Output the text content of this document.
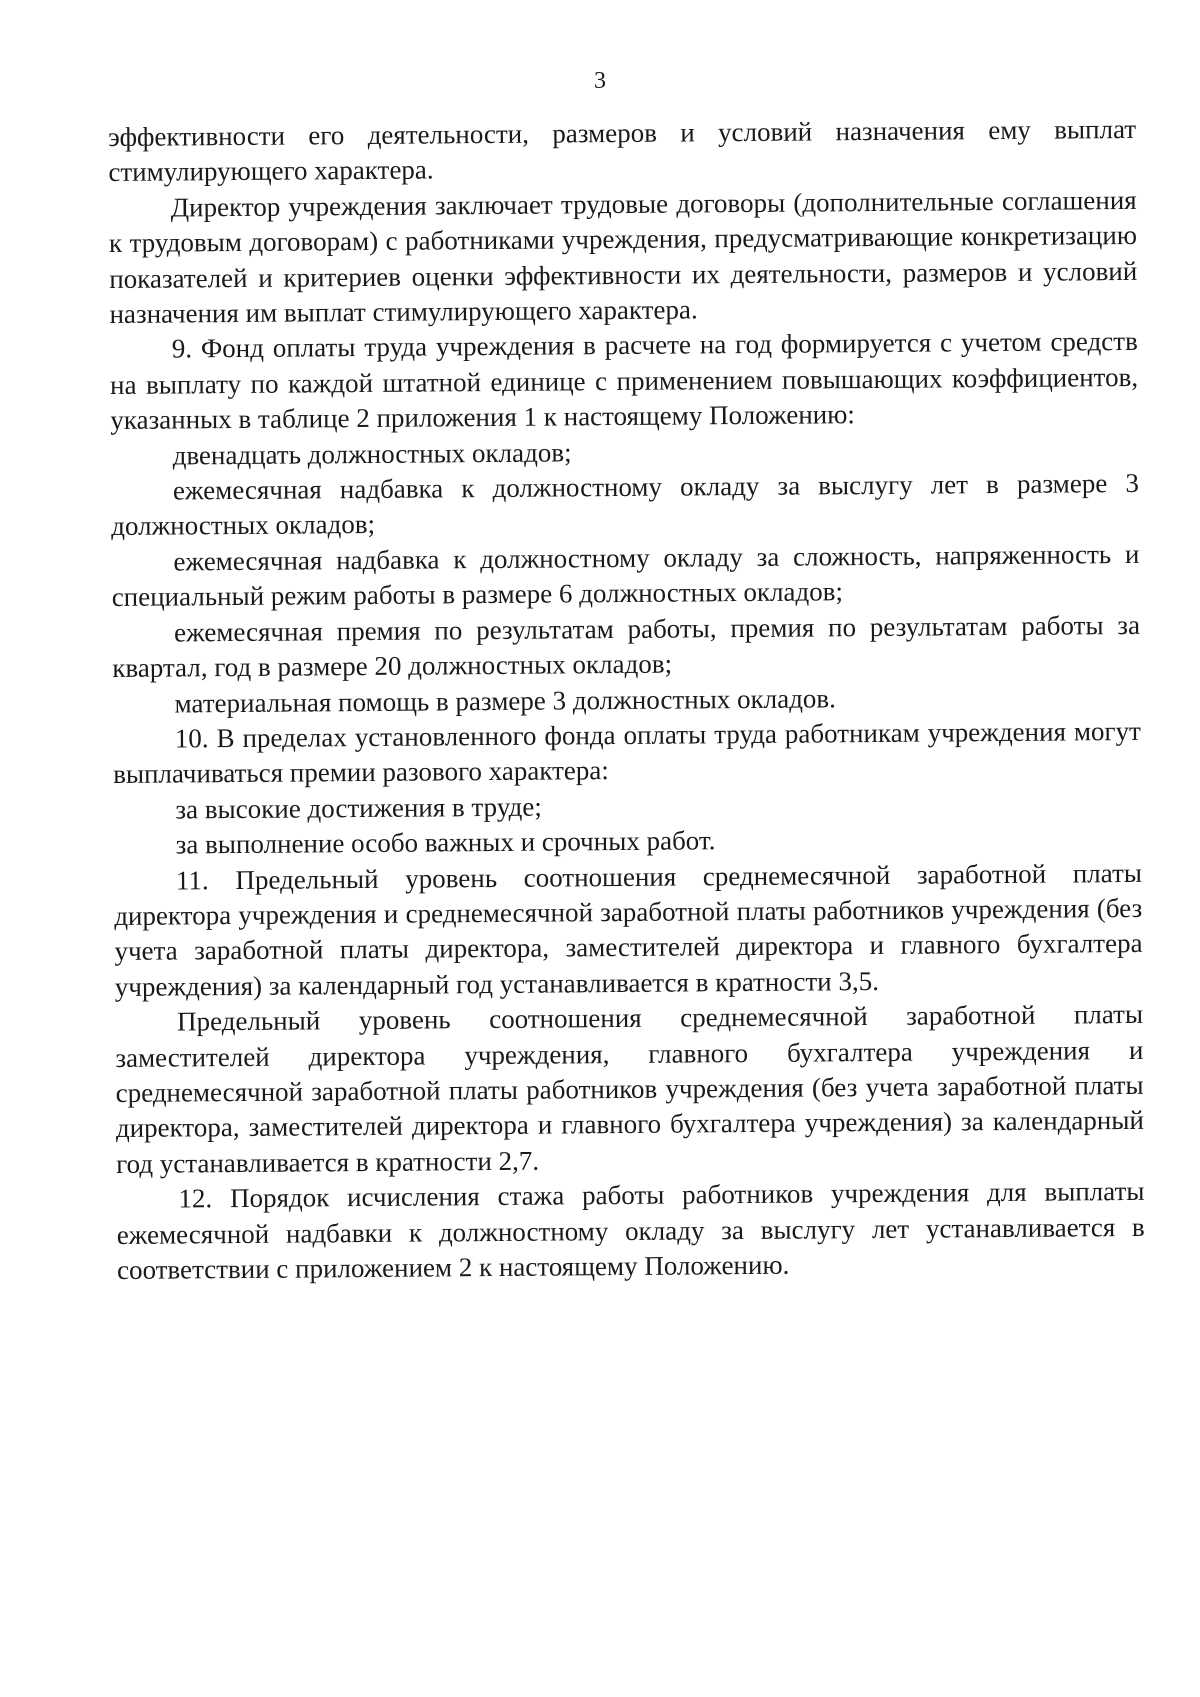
3

эффективности его деятельности, размеров и условий назначения ему выплат стимулирующего характера.

Директор учреждения заключает трудовые договоры (дополнительные соглашения к трудовым договорам) с работниками учреждения, предусматривающие конкретизацию показателей и критериев оценки эффективности их деятельности, размеров и условий назначения им выплат стимулирующего характера.

9. Фонд оплаты труда учреждения в расчете на год формируется с учетом средств на выплату по каждой штатной единице с применением повышающих коэффициентов, указанных в таблице 2 приложения 1 к настоящему Положению:

двенадцать должностных окладов;

ежемесячная надбавка к должностному окладу за выслугу лет в размере 3 должностных окладов;

ежемесячная надбавка к должностному окладу за сложность, напряженность и специальный режим работы в размере 6 должностных окладов;

ежемесячная премия по результатам работы, премия по результатам работы за квартал, год в размере 20 должностных окладов;

материальная помощь в размере 3 должностных окладов.

10. В пределах установленного фонда оплаты труда работникам учреждения могут выплачиваться премии разового характера:

за высокие достижения в труде;

за выполнение особо важных и срочных работ.

11. Предельный уровень соотношения среднемесячной заработной платы директора учреждения и среднемесячной заработной платы работников учреждения (без учета заработной платы директора, заместителей директора и главного бухгалтера учреждения) за календарный год устанавливается в кратности 3,5.

Предельный уровень соотношения среднемесячной заработной платы заместителей директора учреждения, главного бухгалтера учреждения и среднемесячной заработной платы работников учреждения (без учета заработной платы директора, заместителей директора и главного бухгалтера учреждения) за календарный год устанавливается в кратности 2,7.

12. Порядок исчисления стажа работы работников учреждения для выплаты ежемесячной надбавки к должностному окладу за выслугу лет устанавливается в соответствии с приложением 2 к настоящему Положению.
